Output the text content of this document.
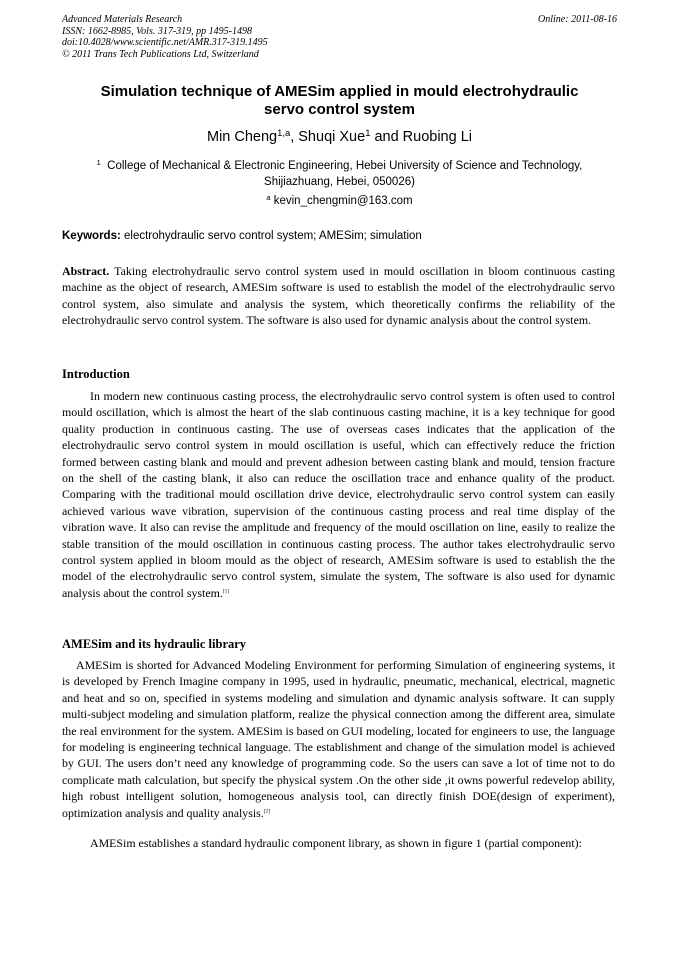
Advanced Materials Research
ISSN: 1662-8985, Vols. 317-319, pp 1495-1498
doi:10.4028/www.scientific.net/AMR.317-319.1495
© 2011 Trans Tech Publications Ltd, Switzerland
Online: 2011-08-16
Simulation technique of AMESim applied in mould electrohydraulic
servo control system
Min Cheng$^{1,a}$, Shuqi Xue$^1$ and Ruobing Li
$^1$ College of Mechanical & Electronic Engineering, Hebei University of Science and Technology,
Shijiazhuang, Hebei, 050026)
$^a$ kevin_chengmin@163.com
Keywords: electrohydraulic servo control system; AMESim; simulation
Abstract. Taking electrohydraulic servo control system used in mould oscillation in bloom continuous casting machine as the object of research, AMESim software is used to establish the model of the electrohydraulic servo control system, also simulate and analysis the system, which theoretically confirms the reliability of the electrohydraulic servo control system. The software is also used for dynamic analysis about the control system.
Introduction
In modern new continuous casting process, the electrohydraulic servo control system is often used to control mould oscillation, which is almost the heart of the slab continuous casting machine, it is a key technique for good quality production in continuous casting. The use of overseas cases indicates that the application of the electrohydraulic servo control system in mould oscillation is useful, which can effectively reduce the friction formed between casting blank and mould and prevent adhesion between casting blank and mould, tension fracture on the shell of the casting blank, it also can reduce the oscillation trace and enhance quality of the product. Comparing with the traditional mould oscillation drive device, electrohydraulic servo control system can easily achieved various wave vibration, supervision of the continuous casting process and real time display of the vibration wave. It also can revise the amplitude and frequency of the mould oscillation on line, easily to realize the stable transition of the mould oscillation in continuous casting process. The author takes electrohydraulic servo control system applied in bloom mould as the object of research, AMESim software is used to establish the the model of the electrohydraulic servo control system, simulate the system, The software is also used for dynamic analysis about the control system.[1]
AMESim and its hydraulic library
AMESim is shorted for Advanced Modeling Environment for performing Simulation of engineering systems, it is developed by French Imagine company in 1995, used in hydraulic, pneumatic, mechanical, electrical, magnetic and heat and so on, specified in systems modeling and simulation and dynamic analysis software. It can supply multi-subject modeling and simulation platform, realize the physical connection among the different area, simulate the real environment for the system. AMESim is based on GUI modeling, located for engineers to use, the language for modeling is engineering technical language. The establishment and change of the simulation model is achieved by GUI. The users don’t need any knowledge of programming code. So the users can save a lot of time not to do complicate math calculation, but specify the physical system .On the other side ,it owns powerful redevelop ability, high robust intelligent solution, homogeneous analysis tool, can directly finish DOE(design of experiment), optimization analysis and quality analysis.[2]
AMESim establishes a standard hydraulic component library, as shown in figure 1 (partial component):
